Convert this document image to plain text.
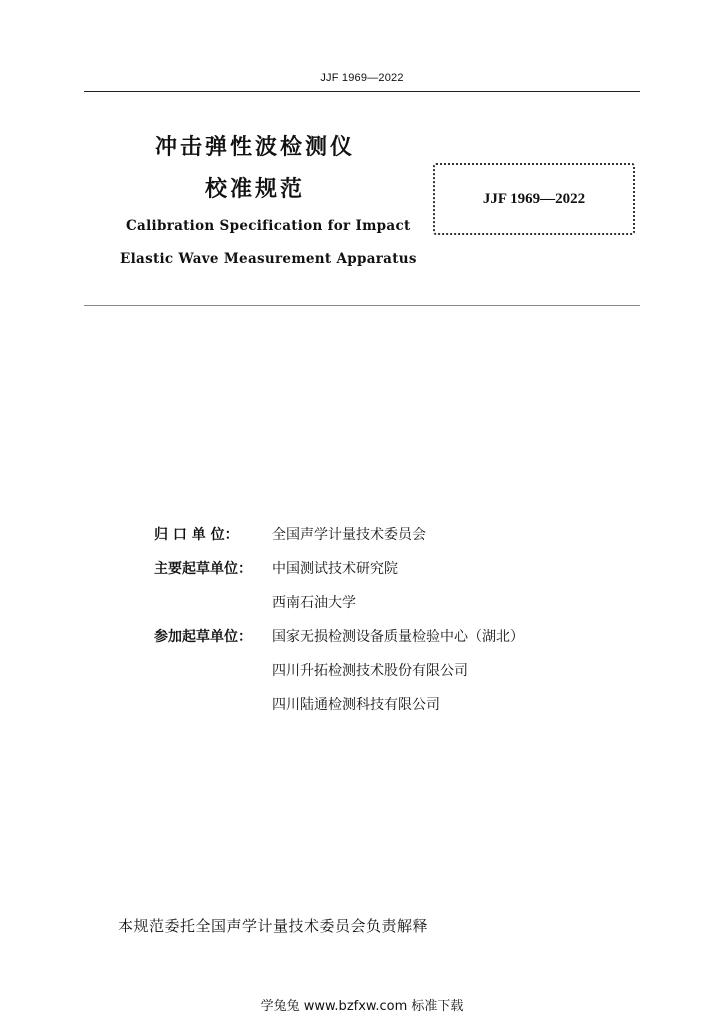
JJF 1969—2022
冲击弹性波检测仪
校准规范
Calibration Specification for Impact
Elastic Wave Measurement Apparatus
JJF 1969—2022
归 口 单 位：	全国声学计量技术委员会
主要起草单位：	中国测试技术研究院
西南石油大学
参加起草单位：	国家无损检测设备质量检验中心（湖北）
四川升拓检测技术股份有限公司
四川陆通检测科技有限公司
本规范委托全国声学计量技术委员会负责解释
学兔兔 www.bzfxw.com 标准下载
